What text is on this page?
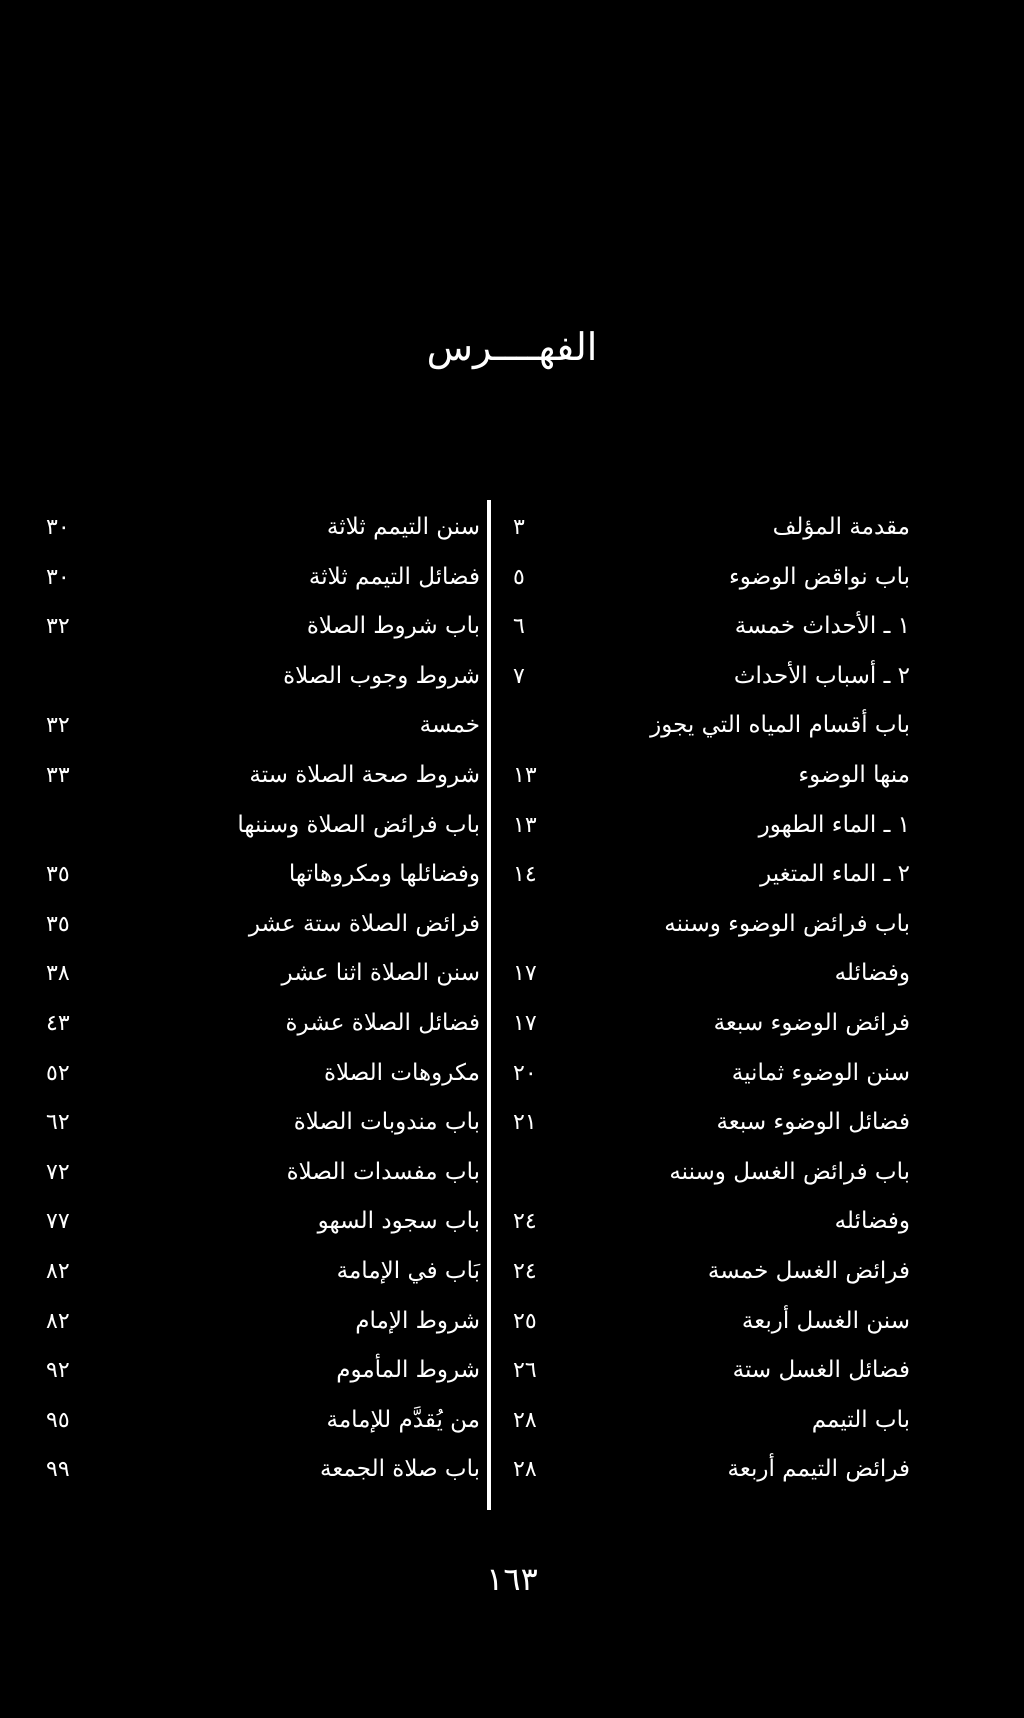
الفهــــرس
مقدمة المؤلف
٣
باب نواقض الوضوء
٥
١ ـ الأحداث خمسة
٦
٢ ـ أسباب الأحداث
٧
باب أقسام المياه التي يجوز
منها الوضوء
١٣
١ ـ الماء الطهور
١٣
٢ ـ الماء المتغير
١٤
باب فرائض الوضوء وسننه
وفضائله
١٧
فرائض الوضوء سبعة
١٧
سنن الوضوء ثمانية
٢٠
فضائل الوضوء سبعة
٢١
باب فرائض الغسل وسننه
وفضائله
٢٤
فرائض الغسل خمسة
٢٤
سنن الغسل أربعة
٢٥
فضائل الغسل ستة
٢٦
باب التيمم
٢٨
فرائض التيمم أربعة
٢٨
سنن التيمم ثلاثة
٣٠
فضائل التيمم ثلاثة
٣٠
باب شروط الصلاة
٣٢
شروط وجوب الصلاة
خمسة
٣٢
شروط صحة الصلاة ستة
٣٣
باب فرائض الصلاة وسننها
وفضائلها ومكروهاتها
٣٥
فرائض الصلاة ستة عشر
٣٥
سنن الصلاة اثنا عشر
٣٨
فضائل الصلاة عشرة
٤٣
مكروهات الصلاة
٥٢
باب مندوبات الصلاة
٦٢
باب مفسدات الصلاة
٧٢
باب سجود السهو
٧٧
بَاب في الإمامة
٨٢
شروط الإمام
٨٢
شروط المأموم
٩٢
من يُقدَّم للإمامة
٩٥
باب صلاة الجمعة
٩٩
١٦٣
